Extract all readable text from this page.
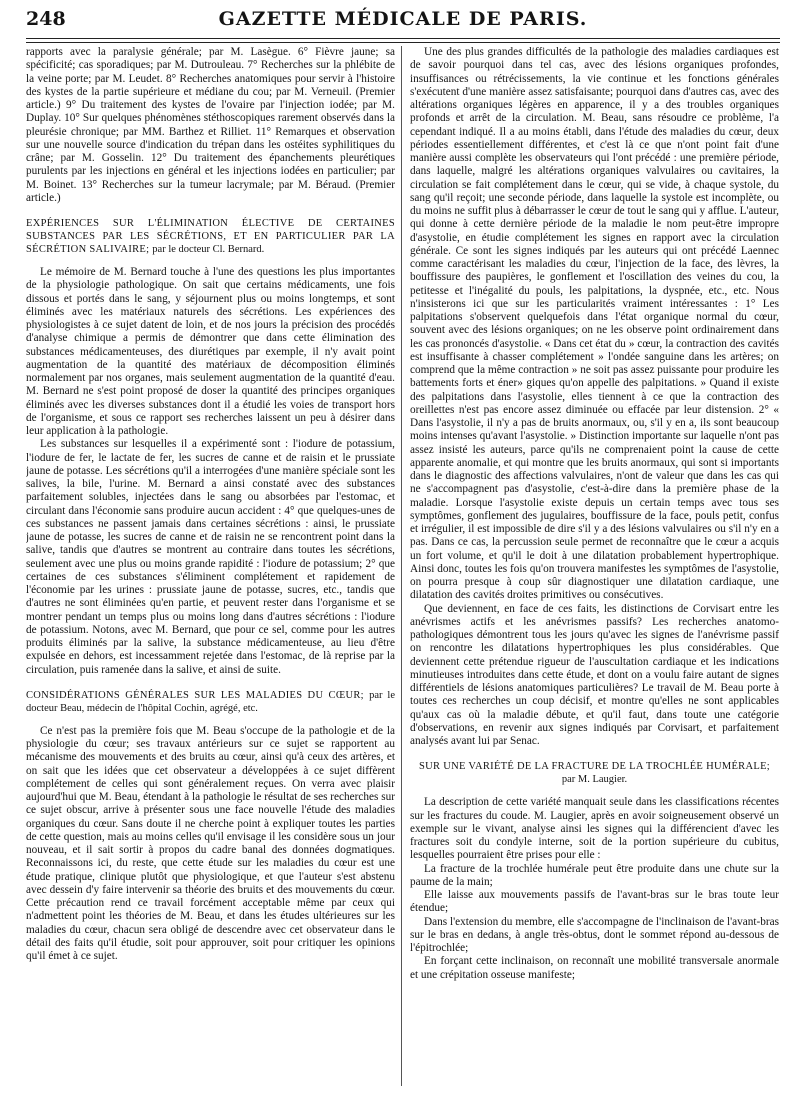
248	GAZETTE MÉDICALE DE PARIS.

rapports avec la paralysie générale; par M. Lasègue. 6° Fièvre jaune; sa spécificité; cas sporadiques; par M. Dutrouleau. 7° Recherches sur la phlébite de la veine porte; par M. Leudet. 8° Recherches anatomiques pour servir à l'histoire des kystes de la partie supérieure et médiane du cou; par M. Verneuil. (Premier article.) 9° Du traitement des kystes de l'ovaire par l'injection iodée; par M. Duplay. 10° Sur quelques phénomènes stéthoscopiques rarement observés dans la pleurésie chronique; par MM. Barthez et Rilliet. 11° Remarques et observation sur une nouvelle source d'indication du trépan dans les ostéites syphilitiques du crâne; par M. Gosselin. 12° Du traitement des épanchements pleurétiques purulents par les injections en général et les injections iodées en particulier; par M. Boinet. 13° Recherches sur la tumeur lacrymale; par M. Béraud. (Premier article.)

EXPÉRIENCES SUR L'ÉLIMINATION ÉLECTIVE DE CERTAINES SUBSTANCES PAR LES SÉCRÉTIONS, ET EN PARTICULIER PAR LA SÉCRÉTION SALIVAIRE; par le docteur Cl. Bernard.

Le mémoire de M. Bernard touche à l'une des questions les plus importantes de la physiologie pathologique. On sait que certains médicaments, une fois dissous et portés dans le sang, y séjournent plus ou moins longtemps, et sont éliminés avec les matériaux naturels des sécrétions. Les expériences des physiologistes à ce sujet datent de loin, et de nos jours la précision des procédés d'analyse chimique a permis de démontrer que dans cette élimination des substances médicamenteuses, des diurétiques par exemple, il n'y avait point augmentation de la quantité des matériaux de décomposition éliminés normalement par nos organes, mais seulement augmentation de la quantité d'eau. M. Bernard ne s'est point proposé de doser la quantité des principes organiques éliminés avec les diverses substances dont il a étudié les voies de transport hors de l'organisme, et sous ce rapport ses recherches laissent un peu à désirer dans leur application à la pathologie.

Les substances sur lesquelles il a expérimenté sont : l'iodure de potassium, l'iodure de fer, le lactate de fer, les sucres de canne et de raisin et le prussiate jaune de potasse. Les sécrétions qu'il a interrogées d'une manière spéciale sont les salives, la bile, l'urine. M. Bernard a ainsi constaté avec des substances parfaitement solubles, injectées dans le sang ou absorbées par l'estomac, et circulant dans l'économie sans produire aucun accident : 4° que quelques-unes de ces substances ne passent jamais dans certaines sécrétions : ainsi, le prussiate jaune de potasse, les sucres de canne et de raisin ne se rencontrent point dans la salive, tandis que d'autres se montrent au contraire dans toutes les sécrétions, seulement avec une plus ou moins grande rapidité : l'iodure de potassium; 2° que certaines de ces substances s'éliminent complétement et rapidement de l'économie par les urines : prussiate jaune de potasse, sucres, etc., tandis que d'autres ne sont éliminées qu'en partie, et peuvent rester dans l'organisme et se montrer pendant un temps plus ou moins long dans d'autres sécrétions : l'iodure de potassium. Notons, avec M. Bernard, que pour ce sel, comme pour les autres produits éliminés par la salive, la substance médicamenteuse, au lieu d'être expulsée en dehors, est incessamment rejetée dans l'estomac, de là reprise par la circulation, puis ramenée dans la salive, et ainsi de suite.

CONSIDÉRATIONS GÉNÉRALES SUR LES MALADIES DU CŒUR; par le docteur Beau, médecin de l'hôpital Cochin, agrégé, etc.

Ce n'est pas la première fois que M. Beau s'occupe de la pathologie et de la physiologie du cœur; ses travaux antérieurs sur ce sujet se rapportent au mécanisme des mouvements et des bruits au cœur, ainsi qu'à ceux des artères, et on sait que les idées que cet observateur a développées à ce sujet diffèrent complétement de celles qui sont généralement reçues. On verra avec plaisir aujourd'hui que M. Beau, étendant à la pathologie le résultat de ses recherches sur ce sujet obscur, arrive à présenter sous une face nouvelle l'étude des maladies organiques du cœur. Sans doute il ne cherche point à expliquer toutes les parties de cette question, mais au moins celles qu'il envisage il les considère sous un jour nouveau, et il sait sortir à propos du cadre banal des données dogmatiques. Reconnaissons ici, du reste, que cette étude sur les maladies du cœur est une étude pratique, clinique plutôt que physiologique, et que l'auteur s'est abstenu avec dessein d'y faire intervenir sa théorie des bruits et des mouvements du cœur. Cette précaution rend ce travail forcément acceptable même par ceux qui n'admettent point les théories de M. Beau, et dans les études ultérieures sur les maladies du cœur, chacun sera obligé de descendre avec cet observateur dans le détail des faits qu'il étudie, soit pour approuver, soit pour critiquer les opinions qu'il émet à ce sujet.

Une des plus grandes difficultés de la pathologie des maladies cardiaques est de savoir pourquoi dans tel cas, avec des lésions organiques profondes, insuffisances ou rétrécissements, la vie continue et les fonctions générales s'exécutent d'une manière assez satisfaisante; pourquoi dans d'autres cas, avec des altérations organiques légères en apparence, il y a des troubles organiques profonds et arrêt de la circulation. M. Beau, sans résoudre ce problème, l'a cependant indiqué. Il a au moins établi, dans l'étude des maladies du cœur, deux périodes essentiellement différentes, et c'est là ce que n'ont point fait d'une manière aussi complète les observateurs qui l'ont précédé : une première période, dans laquelle, malgré les altérations organiques valvulaires ou cavitaires, la circulation se fait complétement dans le cœur, qui se vide, à chaque systole, du sang qu'il reçoit; une seconde période, dans laquelle la systole est incomplète, ou du moins ne suffit plus à débarrasser le cœur de tout le sang qui y afflue. L'auteur, qui donne à cette dernière période de la maladie le nom peut-être impropre d'asystolie, en étudie complétement les signes en rapport avec la circulation générale. Ce sont les signes indiqués par les auteurs qui ont précédé Laennec comme caractérisant les maladies du cœur, l'injection de la face, des lèvres, la bouffissure des paupières, le gonflement et l'oscillation des veines du cou, la petitesse et l'inégalité du pouls, les palpitations, la dyspnée, etc., etc. Nous n'insisterons ici que sur les particularités vraiment intéressantes : 1° Les palpitations s'observent quelquefois dans l'état organique normal du cœur, souvent avec des lésions organiques; on ne les observe point ordinairement dans les cas prononcés d'asystolie. « Dans cet état du » cœur, la contraction des cavités est insuffisante à chasser complétement » l'ondée sanguine dans les artères; on comprend que la même contraction » ne soit pas assez puissante pour produire les battements forts et éner» giques qu'on appelle des palpitations. » Quand il existe des palpitations dans l'asystolie, elles tiennent à ce que la contraction des oreillettes n'est pas encore assez diminuée ou effacée par leur distension. 2° « Dans l'asystolie, il n'y a pas de bruits anormaux, ou, s'il y en a, ils sont beaucoup moins intenses qu'avant l'asystolie. » Distinction importante sur laquelle n'ont pas assez insisté les auteurs, parce qu'ils ne comprenaient point la cause de cette apparente anomalie, et qui montre que les bruits anormaux, qui sont si importants dans le diagnostic des affections valvulaires, n'ont de valeur que dans les cas qui ne s'accompagnent pas d'asystolie, c'est-à-dire dans la première phase de la maladie. Lorsque l'asystolie existe depuis un certain temps avec tous ses symptômes, gonflement des jugulaires, bouffissure de la face, pouls petit, confus et irrégulier, il est impossible de dire s'il y a des lésions valvulaires ou s'il n'y en a pas. Dans ce cas, la percussion seule permet de reconnaître que le cœur a acquis un fort volume, et qu'il le doit à une dilatation probablement hypertrophique. Ainsi donc, toutes les fois qu'on trouvera manifestes les symptômes de l'asystolie, on pourra presque à coup sûr diagnostiquer une dilatation cardiaque, une dilatation des cavités droites primitives ou consécutives.

Que deviennent, en face de ces faits, les distinctions de Corvisart entre les anévrismes actifs et les anévrismes passifs? Les recherches anatomo-pathologiques démontrent tous les jours qu'avec les signes de l'anévrisme passif on rencontre les dilatations hypertrophiques les plus considérables. Que deviennent cette prétendue rigueur de l'auscultation cardiaque et les indications minutieuses introduites dans cette étude, et dont on a voulu faire autant de signes différentiels de lésions anatomiques particulières? Le travail de M. Beau porte à toutes ces recherches un coup décisif, et montre qu'elles ne sont applicables qu'aux cas où la maladie débute, et qu'il faut, dans toute une catégorie d'observations, en revenir aux signes indiqués par Corvisart, et parfaitement analysés avant lui par Senac.

SUR UNE VARIÉTÉ DE LA FRACTURE DE LA TROCHLÉE HUMÉRALE;
par M. Laugier.

La description de cette variété manquait seule dans les classifications récentes sur les fractures du coude. M. Laugier, après en avoir soigneusement observé un exemple sur le vivant, analyse ainsi les signes qui la différencient d'avec les fractures soit du condyle interne, soit de la portion supérieure du cubitus, lesquelles pourraient être prises pour elle :

La fracture de la trochlée humérale peut être produite dans une chute sur la paume de la main;

Elle laisse aux mouvements passifs de l'avant-bras sur le bras toute leur étendue;

Dans l'extension du membre, elle s'accompagne de l'inclinaison de l'avant-bras sur le bras en dedans, à angle très-obtus, dont le sommet répond au-dessous de l'épitrochlée;

En forçant cette inclinaison, on reconnaît une mobilité transversale anormale et une crépitation osseuse manifeste;
